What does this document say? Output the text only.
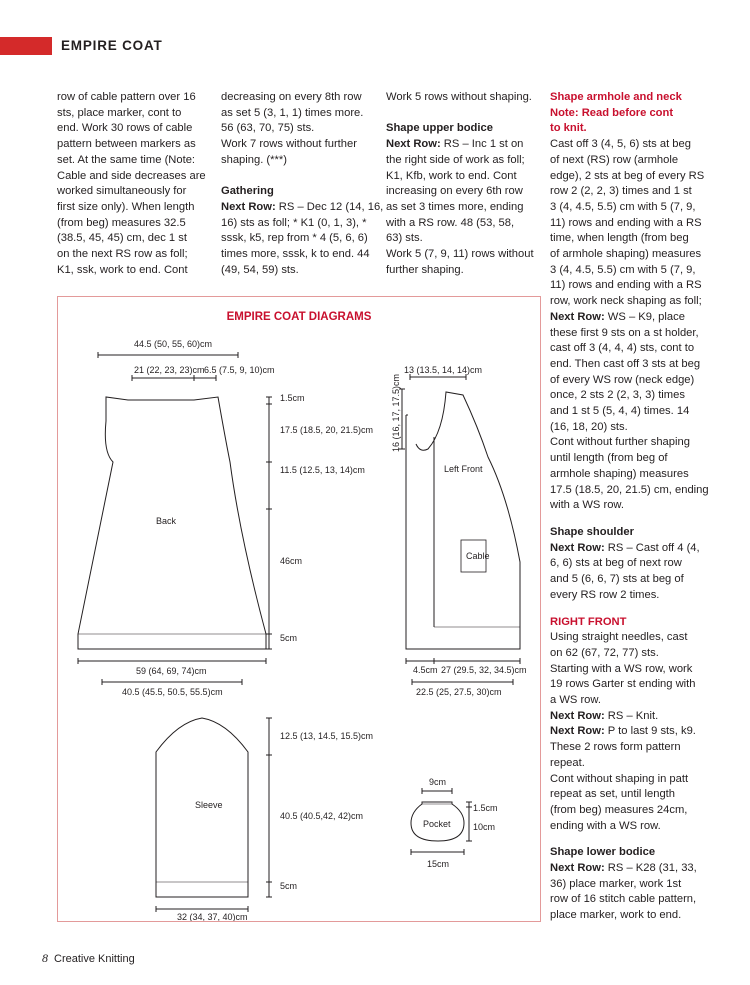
EMPIRE COAT

row of cable pattern over 16

sts, place marker, cont to

end. Work 30 rows of cable

pattern between markers as

set. At the same time (Note:

Cable and side decreases are

worked simultaneously for

first size only). When length

(from beg) measures 32.5

(38.5, 45, 45) cm, dec 1 st

on the next RS row as foll;

K1, ssk, work to end. Cont

decreasing on every 8th row

as set 5 (3, 1, 1) times more.

56 (63, 70, 75) sts.

Work 7 rows without further

shaping. (***)

Gathering

Next Row: RS – Dec 12 (14, 16,

16) sts as foll; * K1 (0, 1, 3), *

sssk, k5, rep from * 4 (5, 6, 6)

times more, sssk, k to end. 44

(49, 54, 59) sts.

Work 5 rows without shaping.

Shape upper bodice

Next Row: RS – Inc 1 st on

the right side of work as foll;

K1, Kfb, work to end. Cont

increasing on every 6th row

as set 3 times more, ending

with a RS row. 48 (53, 58,

63) sts.

Work 5 (7, 9, 11) rows without

further shaping.

Shape armhole and neck

Note: Read before cont

to knit.

Cast off 3 (4, 5, 6) sts at beg

of next (RS) row (armhole

edge), 2 sts at beg of every RS

row 2 (2, 2, 3) times and 1 st

3 (4, 4.5, 5.5) cm with 5 (7, 9,

11) rows and ending with a RS

time, when length (from beg

of armhole shaping) measures

3 (4, 4.5, 5.5) cm with 5 (7, 9,

11) rows and ending with a RS

row, work neck shaping as foll;

Next Row: WS – K9, place

these first 9 sts on a st holder,

cast off 3 (4, 4, 4) sts, cont to

end. Then cast off 3 sts at beg

of every WS row (neck edge)

once, 2 sts 2 (2, 3, 3) times

and 1 st 5 (5, 4, 4) times. 14

(16, 18, 20) sts.

Cont without further shaping

until length (from beg of

armhole shaping) measures

17.5 (18.5, 20, 21.5) cm, ending

with a WS row.

Shape shoulder

Next Row: RS – Cast off 4 (4,

6, 6) sts at beg of next row

and 5 (6, 6, 7) sts at beg of

every RS row 2 times.

RIGHT FRONT

Using straight needles, cast

on 62 (67, 72, 77) sts.

Starting with a WS row, work

19 rows Garter st ending with

a WS row.

Next Row: RS – Knit.

Next Row: P to last 9 sts, k9.

These 2 rows form pattern

repeat.

Cont without shaping in patt

repeat as set, until length

(from beg) measures 24cm,

ending with a WS row.

Shape lower bodice

Next Row: RS – K28 (31, 33,

36) place marker, work 1st

row of 16 stitch cable pattern,

place marker, work to end.

EMPIRE COAT DIAGRAMS
44.5 (50, 55, 60)cm
21 (22, 23, 23)cm 6.5 (7.5, 9, 10)cm
1.5cm
17.5 (18.5, 20, 21.5)cm
11.5 (12.5, 13, 14)cm
46cm
5cm
Back
59 (64, 69, 74)cm
40.5 (45.5, 50.5, 55.5)cm
13 (13.5, 14, 14)cm
16 (16, 17, 17.5)cm
Left Front
Cable
4.5cm 27 (29.5, 32, 34.5)cm
22.5 (25, 27.5, 30)cm
12.5 (13, 14.5, 15.5)cm
40.5 (40.5,42, 42)cm
5cm
Sleeve
32 (34, 37, 40)cm
9cm
1.5cm
10cm
Pocket
15cm
8 Creative Knitting
